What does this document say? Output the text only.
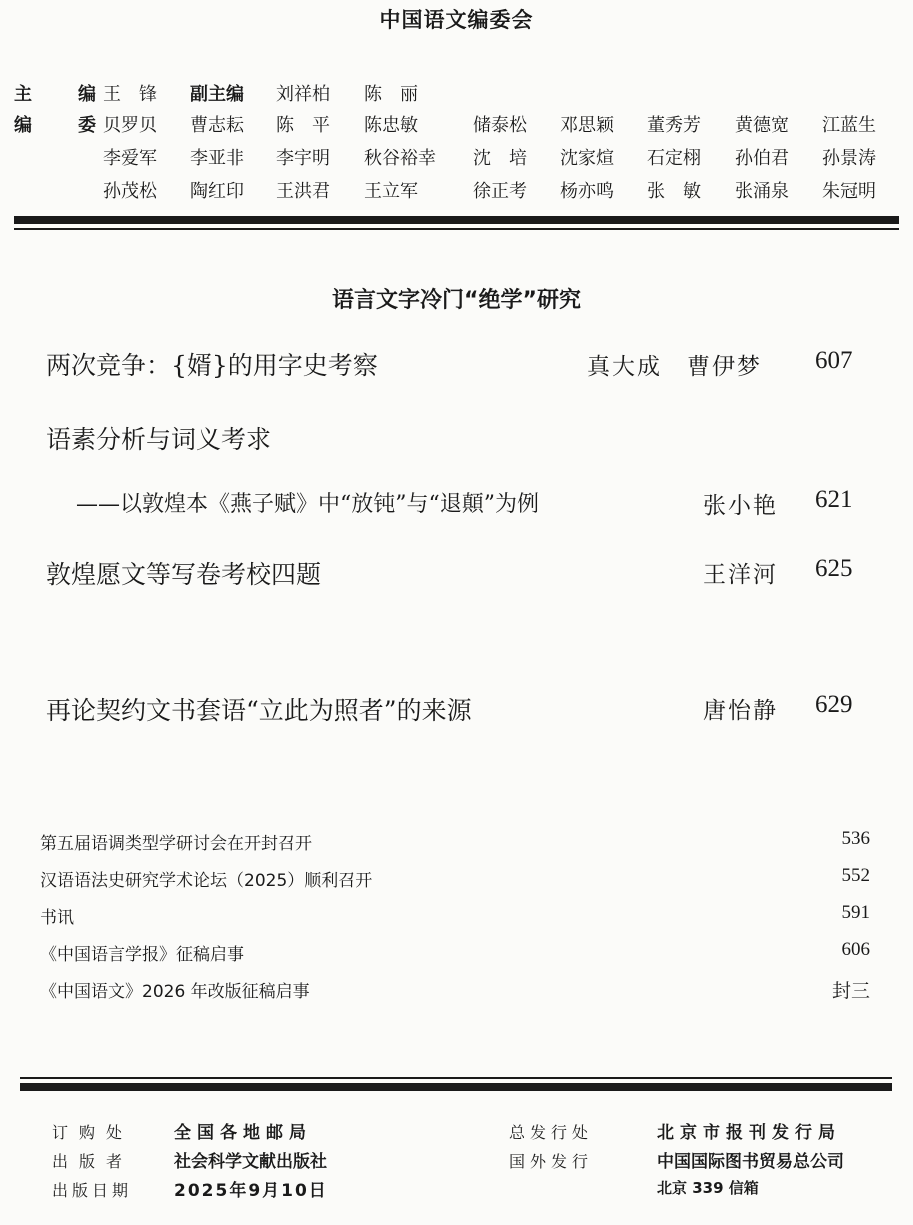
中国语文编委会
主　编
王　锋 副主编 刘祥柏 陈　丽
编　委
贝罗贝 曹志耘 陈　平 陈忠敏	储泰松 邓思颖 董秀芳 黄德宽 江蓝生
李爱军 李亚非 李宇明 秋谷裕幸 沈　培 沈家煊 石定栩 孙伯君 孙景涛
孙茂松 陶红印 王洪君 王立军	徐正考 杨亦鸣 张　敏 张涌泉 朱冠明
语言文字冷门“绝学”研究
两次竞争：{婿}的用字史考察	真大成　曹伊梦 607
语素分析与词义考求
——以敦煌本《燕子赋》中“放钝”与“退顛”为例	张小艳 621
敦煌愿文等写卷考校四题	王洋河 625
再论契约文书套语“立此为照者”的来源	唐怡静 629
第五届语调类型学研讨会在开封召开	536
汉语语法史研究学术论坛（2025）顺利召开	552
书讯	591
《中国语言学报》征稿启事	606
《中国语文》2026 年改版征稿启事	封三
订购处 全国各地邮局
出版者 社会科学文献出版社
出版日期 2025年9月10日
总发行处	北京市报刊发行局
国外发行	中国国际图书贸易总公司
北京 339 信箱
